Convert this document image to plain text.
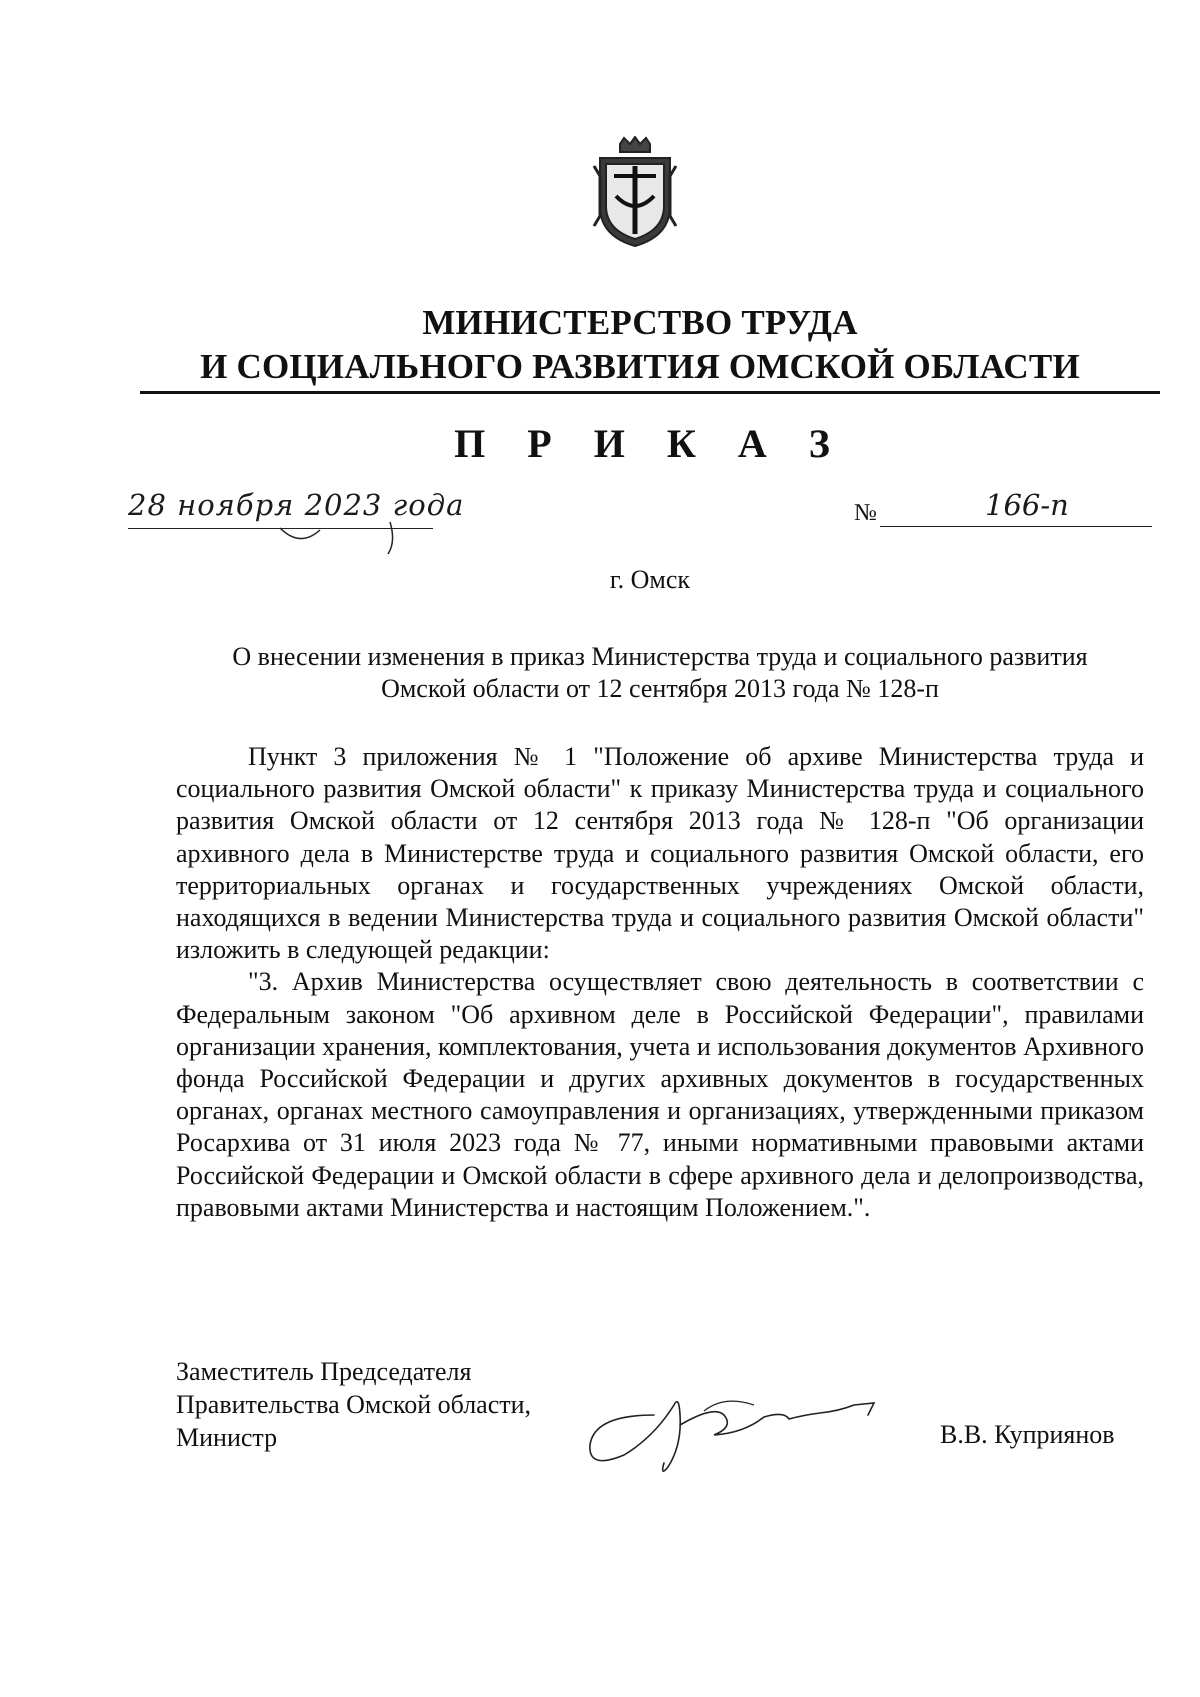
МИНИСТЕРСТВО ТРУДА
И СОЦИАЛЬНОГО РАЗВИТИЯ ОМСКОЙ ОБЛАСТИ
П Р И К А З
28 ноября 2023 года	№	166-п
г. Омск
О внесении изменения в приказ Министерства труда и социального развития
Омской области от 12 сентября 2013 года № 128-п

Пункт 3 приложения № 1 "Положение об архиве Министерства труда и социального развития Омской области" к приказу Министерства труда и социального развития Омской области от 12 сентября 2013 года № 128-п "Об организации архивного дела в Министерстве труда и социального развития Омской области, его территориальных органах и государственных учреждениях Омской области, находящихся в ведении Министерства труда и социального развития Омской области" изложить в следующей редакции:

"3. Архив Министерства осуществляет свою деятельность в соответствии с Федеральным законом "Об архивном деле в Российской Федерации", правилами организации хранения, комплектования, учета и использования документов Архивного фонда Российской Федерации и других архивных документов в государственных органах, органах местного самоуправления и организациях, утвержденными приказом Росархива от 31 июля 2023 года № 77, иными нормативными правовыми актами Российской Федерации и Омской области в сфере архивного дела и делопроизводства, правовыми актами Министерства и настоящим Положением.".

Заместитель Председателя
Правительства Омской области,
Министр	В.В. Куприянов
